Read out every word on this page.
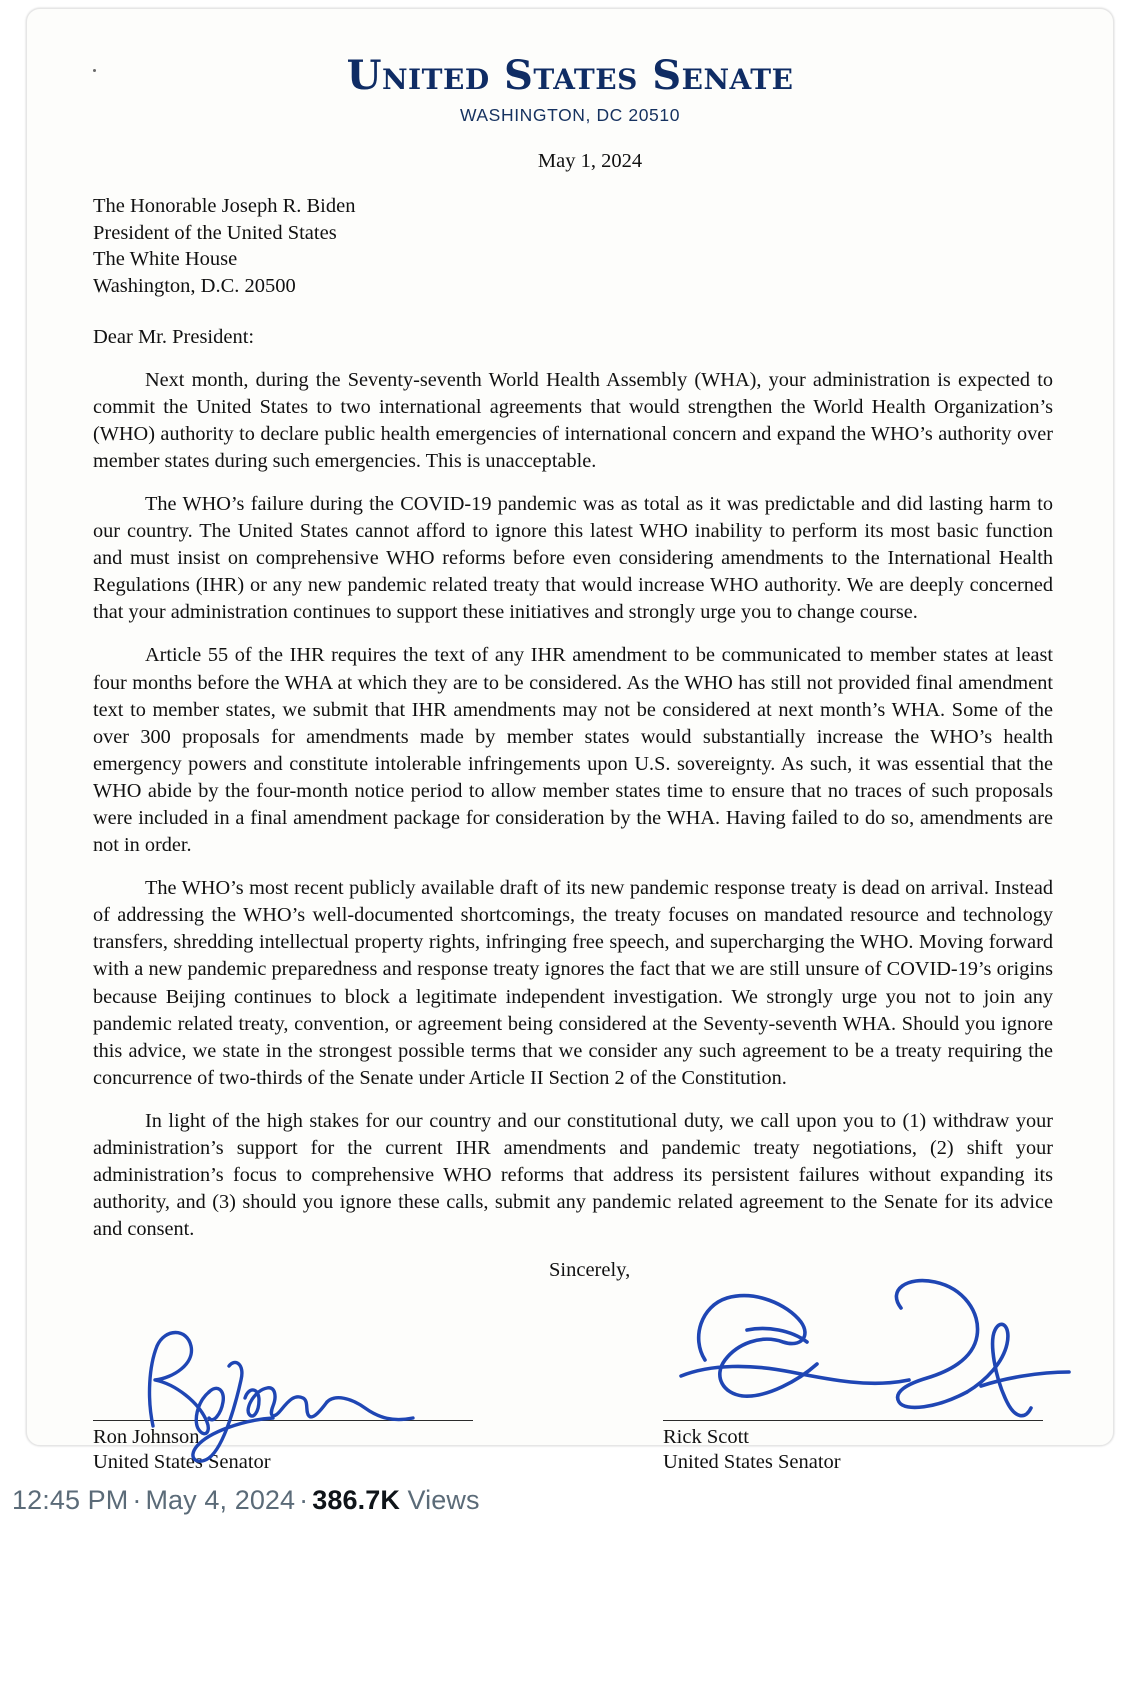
United States Senate
WASHINGTON, DC 20510
May 1, 2024
The Honorable Joseph R. Biden
President of the United States
The White House
Washington, D.C. 20500
Dear Mr. President:

Next month, during the Seventy-seventh World Health Assembly (WHA), your administration is expected to commit the United States to two international agreements that would strengthen the World Health Organization’s (WHO) authority to declare public health emergencies of international concern and expand the WHO’s authority over member states during such emergencies. This is unacceptable.

The WHO’s failure during the COVID-19 pandemic was as total as it was predictable and did lasting harm to our country. The United States cannot afford to ignore this latest WHO inability to perform its most basic function and must insist on comprehensive WHO reforms before even considering amendments to the International Health Regulations (IHR) or any new pandemic related treaty that would increase WHO authority. We are deeply concerned that your administration continues to support these initiatives and strongly urge you to change course.

Article 55 of the IHR requires the text of any IHR amendment to be communicated to member states at least four months before the WHA at which they are to be considered. As the WHO has still not provided final amendment text to member states, we submit that IHR amendments may not be considered at next month’s WHA. Some of the over 300 proposals for amendments made by member states would substantially increase the WHO’s health emergency powers and constitute intolerable infringements upon U.S. sovereignty. As such, it was essential that the WHO abide by the four-month notice period to allow member states time to ensure that no traces of such proposals were included in a final amendment package for consideration by the WHA. Having failed to do so, amendments are not in order.

The WHO’s most recent publicly available draft of its new pandemic response treaty is dead on arrival. Instead of addressing the WHO’s well-documented shortcomings, the treaty focuses on mandated resource and technology transfers, shredding intellectual property rights, infringing free speech, and supercharging the WHO. Moving forward with a new pandemic preparedness and response treaty ignores the fact that we are still unsure of COVID-19’s origins because Beijing continues to block a legitimate independent investigation. We strongly urge you not to join any pandemic related treaty, convention, or agreement being considered at the Seventy-seventh WHA. Should you ignore this advice, we state in the strongest possible terms that we consider any such agreement to be a treaty requiring the concurrence of two-thirds of the Senate under Article II Section 2 of the Constitution.

In light of the high stakes for our country and our constitutional duty, we call upon you to (1) withdraw your administration’s support for the current IHR amendments and pandemic treaty negotiations, (2) shift your administration’s focus to comprehensive WHO reforms that address its persistent failures without expanding its authority, and (3) should you ignore these calls, submit any pandemic related agreement to the Senate for its advice and consent.

Sincerely,
Ron Johnson
United States Senator
Rick Scott
United States Senator
12:45 PM · May 4, 2024 · 386.7K Views
